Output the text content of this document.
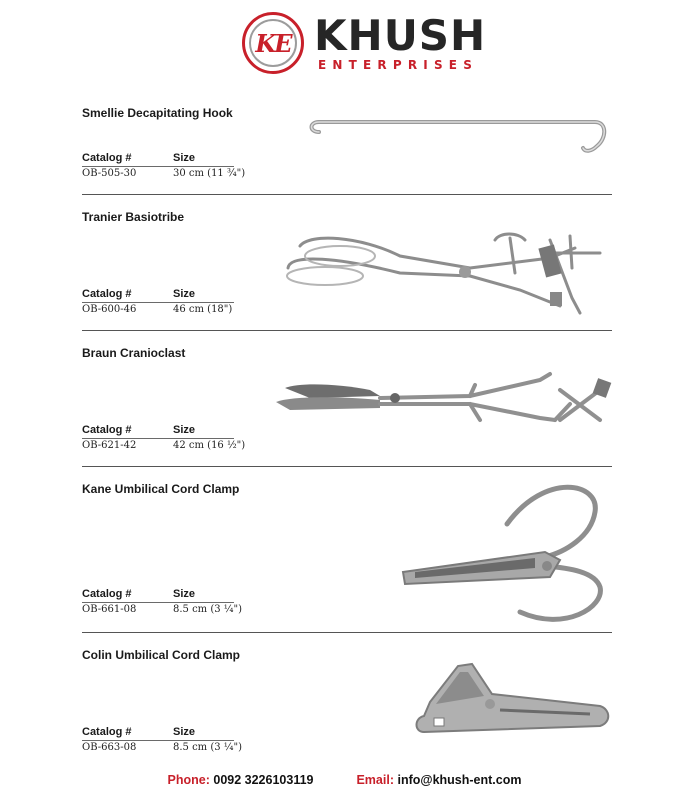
KE KHUSH
ENTERPRISES
Smellie Decapitating Hook
Catalog #	Size
OB-505-30	30 cm (11 ¾")
Tranier Basiotribe
Catalog #	Size
OB-600-46	46 cm (18")
Braun Cranioclast
Catalog #	Size
OB-621-42	42 cm (16 ½")
Kane Umbilical Cord Clamp
Catalog #	Size
OB-661-08	8.5 cm (3 ¼")
Colin Umbilical Cord Clamp
Catalog #	Size
OB-663-08	8.5 cm (3 ¼")
Phone: 0092 3226103119	Email: info@khush-ent.com
